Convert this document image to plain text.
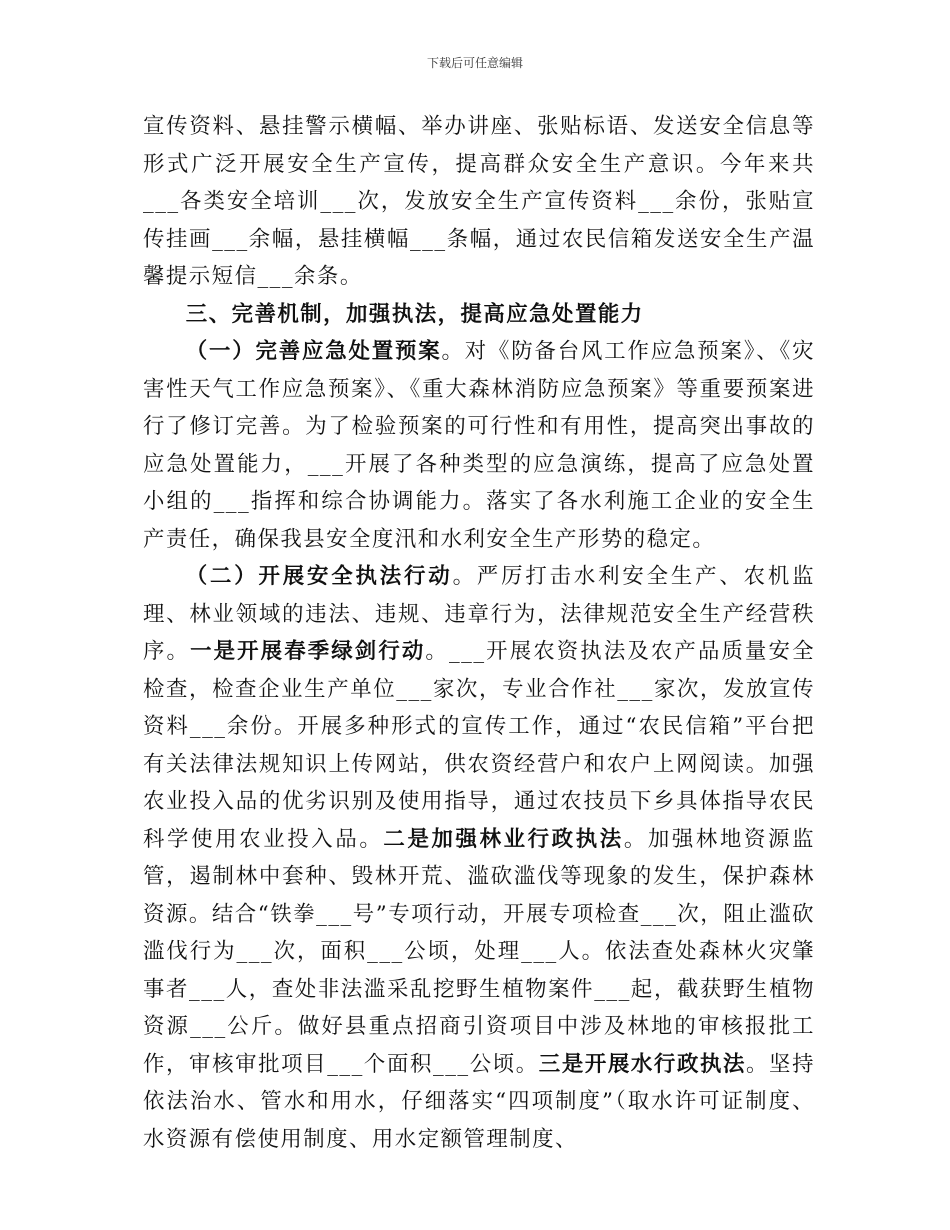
下载后可任意编辑

宣传资料、悬挂警示横幅、举办讲座、张贴标语、发送安全信息等形式广泛开展安全生产宣传，提高群众安全生产意识。今年来共___各类安全培训___次，发放安全生产宣传资料___余份，张贴宣传挂画___余幅，悬挂横幅___条幅，通过农民信箱发送安全生产温馨提示短信___余条。

三、完善机制，加强执法，提高应急处置能力

（一）完善应急处置预案。对《防备台风工作应急预案》、《灾害性天气工作应急预案》、《重大森林消防应急预案》等重要预案进行了修订完善。为了检验预案的可行性和有用性，提高突出事故的应急处置能力，___开展了各种类型的应急演练，提高了应急处置小组的___指挥和综合协调能力。落实了各水利施工企业的安全生产责任，确保我县安全度汛和水利安全生产形势的稳定。

（二）开展安全执法行动。严厉打击水利安全生产、农机监理、林业领域的违法、违规、违章行为，法律规范安全生产经营秩序。一是开展春季绿剑行动。___开展农资执法及农产品质量安全检查，检查企业生产单位___家次，专业合作社___家次，发放宣传资料___余份。开展多种形式的宣传工作，通过“农民信箱”平台把有关法律法规知识上传网站，供农资经营户和农户上网阅读。加强农业投入品的优劣识别及使用指导，通过农技员下乡具体指导农民科学使用农业投入品。二是加强林业行政执法。加强林地资源监管，遏制林中套种、毁林开荒、滥砍滥伐等现象的发生，保护森林资源。结合“铁拳___号”专项行动，开展专项检查___次，阻止滥砍滥伐行为___次，面积___公顷，处理___人。依法查处森林火灾肇事者___人，查处非法滥采乱挖野生植物案件___起，截获野生植物资源___公斤。做好县重点招商引资项目中涉及林地的审核报批工作，审核审批项目___个面积___公顷。三是开展水行政执法。坚持依法治水、管水和用水，仔细落实“四项制度”（取水许可证制度、水资源有偿使用制度、用水定额管理制度、
